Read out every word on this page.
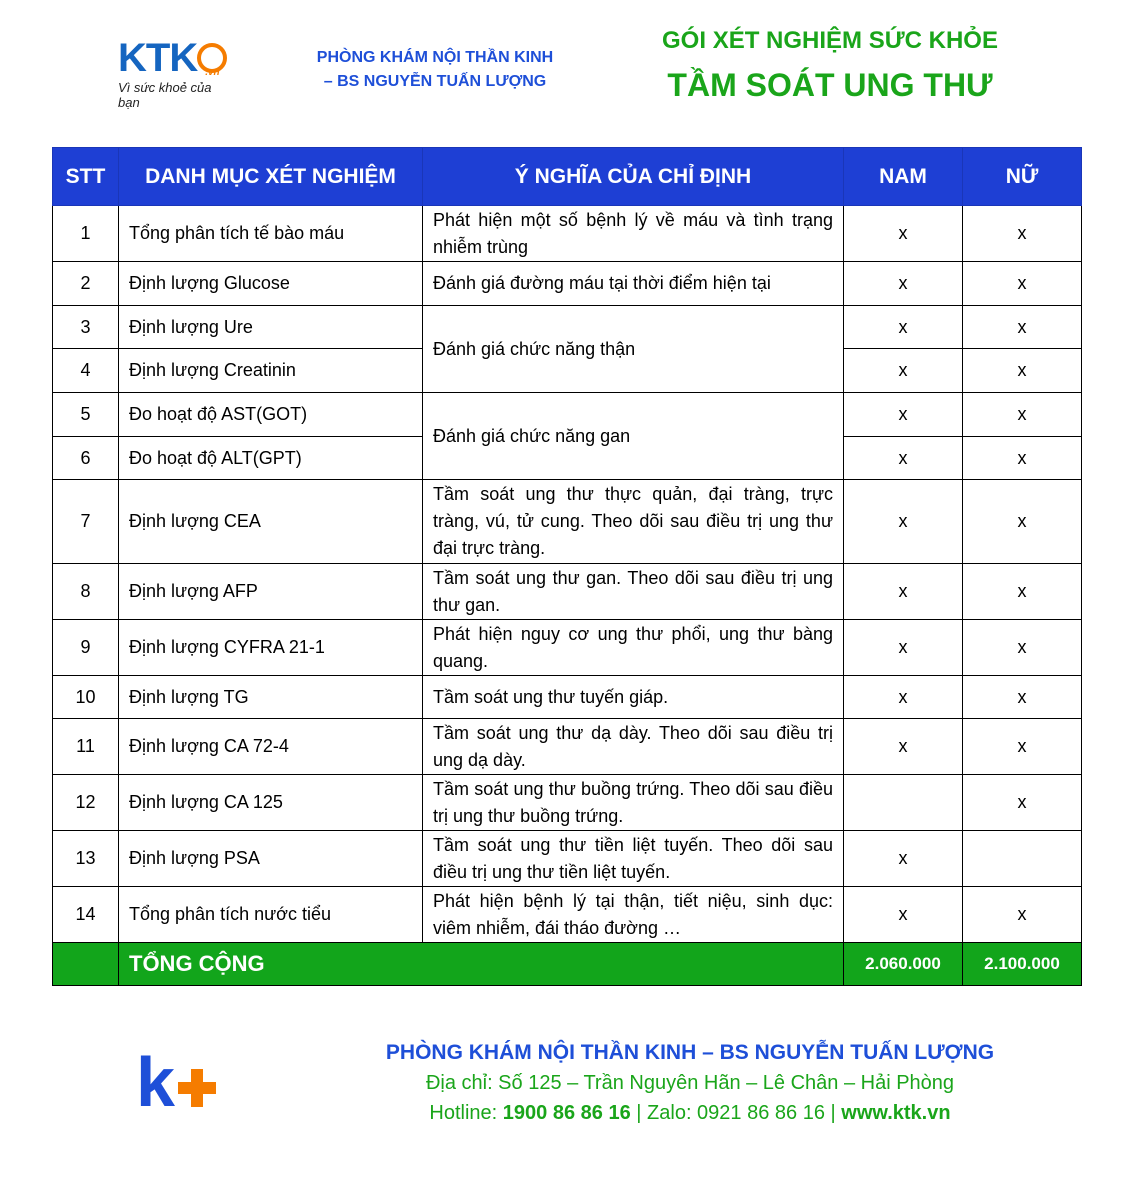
KTK .vn
Vì sức khoẻ của bạn
PHÒNG KHÁM NỘI THẦN KINH
– BS NGUYỄN TUẤN LƯỢNG
GÓI XÉT NGHIỆM SỨC KHỎE
TẦM SOÁT UNG THƯ
STT	DANH MỤC XÉT NGHIỆM	Ý NGHĨA CỦA CHỈ ĐỊNH	NAM	NỮ
1	Tổng phân tích tế bào máu	Phát hiện một số bệnh lý về máu và tình trạng nhiễm trùng	x	x
2	Định lượng Glucose	Đánh giá đường máu tại thời điểm hiện tại	x	x
3	Định lượng Ure	Đánh giá chức năng thận	x	x
4	Định lượng Creatinin		x	x
5	Đo hoạt độ AST(GOT)	Đánh giá chức năng gan	x	x
6	Đo hoạt độ ALT(GPT)		x	x
7	Định lượng CEA	Tầm soát ung thư thực quản, đại tràng, trực tràng, vú, tử cung. Theo dõi sau điều trị ung thư đại trực tràng.	x	x
8	Định lượng AFP	Tầm soát ung thư gan. Theo dõi sau điều trị ung thư gan.	x	x
9	Định lượng CYFRA 21-1	Phát hiện nguy cơ ung thư phổi, ung thư bàng quang.	x	x
10	Định lượng TG	Tầm soát ung thư tuyến giáp.	x	x
11	Định lượng CA 72-4	Tầm soát ung thư dạ dày. Theo dõi sau điều trị ung dạ dày.	x	x
12	Định lượng CA 125	Tầm soát ung thư buồng trứng. Theo dõi sau điều trị ung thư buồng trứng.		x
13	Định lượng PSA	Tầm soát ung thư tiền liệt tuyến. Theo dõi sau điều trị ung thư tiền liệt tuyến.	x	
14	Tổng phân tích nước tiểu	Phát hiện bệnh lý tại thận, tiết niệu, sinh dục: viêm nhiễm, đái tháo đường …	x	x
	TỔNG CỘNG		2.060.000	2.100.000
k	PHÒNG KHÁM NỘI THẦN KINH – BS NGUYỄN TUẤN LƯỢNG
Địa chỉ: Số 125 – Trần Nguyên Hãn – Lê Chân – Hải Phòng
Hotline: 1900 86 86 16 | Zalo: 0921 86 86 16 | www.ktk.vn
